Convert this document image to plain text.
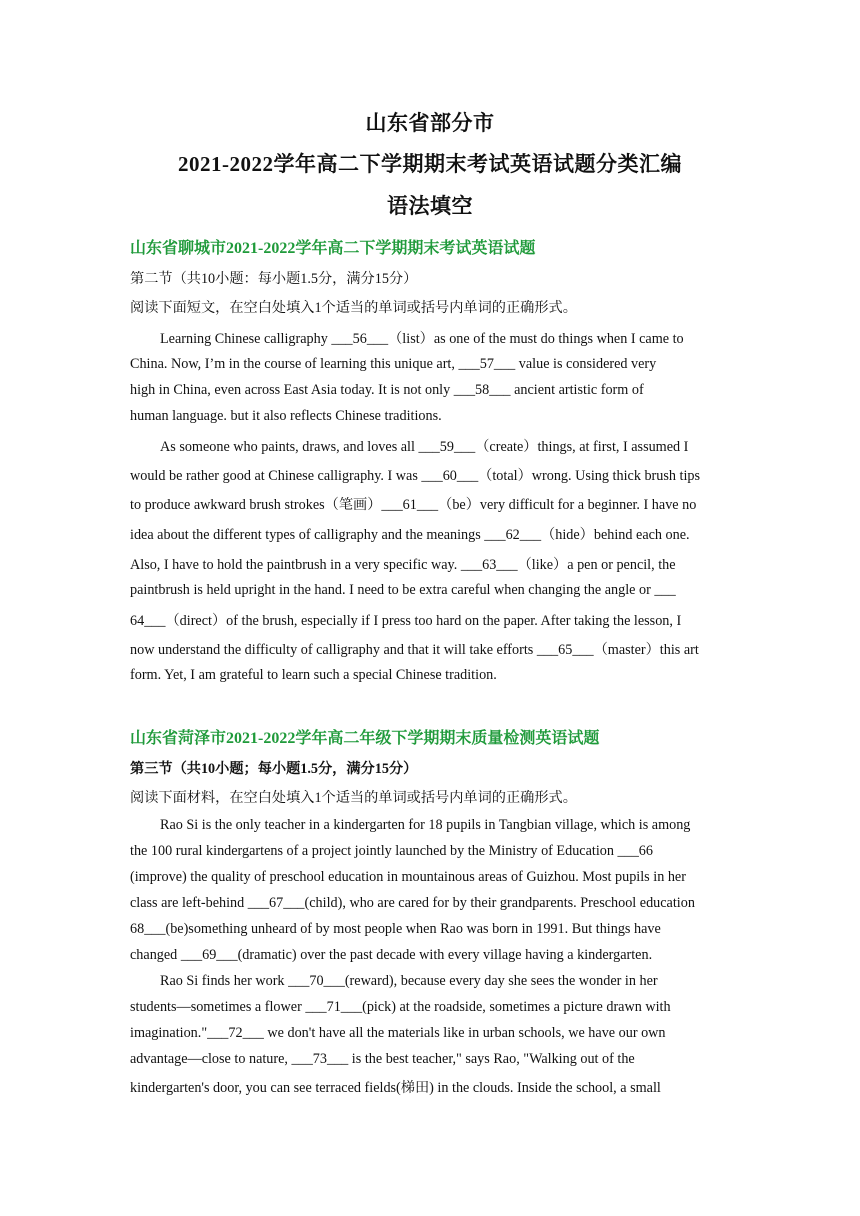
山东省部分市
2021-2022学年高二下学期期末考试英语试题分类汇编
语法填空
山东省聊城市2021-2022学年高二下学期期末考试英语试题
第二节（共10小题：每小题1.5分，满分15分）
阅读下面短文，在空白处填入1个适当的单词或括号内单词的正确形式。
Learning Chinese calligraphy ___56___（list）as one of the must do things when I came to
China. Now, I’m in the course of learning this unique art, ___57___ value is considered very
high in China, even across East Asia today. It is not only ___58___ ancient artistic form of
human language. but it also reflects Chinese traditions.
As someone who paints, draws, and loves all ___59___（create）things, at first, I assumed I
would be rather good at Chinese calligraphy. I was ___60___（total）wrong. Using thick brush tips
to produce awkward brush strokes（笔画）___61___（be）very difficult for a beginner. I have no
idea about the different types of calligraphy and the meanings ___62___（hide）behind each one.
Also, I have to hold the paintbrush in a very specific way. ___63___（like）a pen or pencil, the
paintbrush is held upright in the hand. I need to be extra careful when changing the angle or ___
64___（direct）of the brush, especially if I press too hard on the paper. After taking the lesson, I
now understand the difficulty of calligraphy and that it will take efforts ___65___（master）this art
form. Yet, I am grateful to learn such a special Chinese tradition.
山东省菏泽市2021-2022学年高二年级下学期期末质量检测英语试题
第三节（共10小题；每小题1.5分，满分15分）
阅读下面材料，在空白处填入1个适当的单词或括号内单词的正确形式。
Rao Si is the only teacher in a kindergarten for 18 pupils in Tangbian village, which is among
the 100 rural kindergartens of a project jointly launched by the Ministry of Education ___66
(improve) the quality of preschool education in mountainous areas of Guizhou. Most pupils in her
class are left-behind ___67___(child), who are cared for by their grandparents. Preschool education
68___(be)something unheard of by most people when Rao was born in 1991. But things have
changed ___69___(dramatic) over the past decade with every village having a kindergarten.
Rao Si finds her work ___70___(reward), because every day she sees the wonder in her
students—sometimes a flower ___71___(pick) at the roadside, sometimes a picture drawn with
imagination."___72___ we don't have all the materials like in urban schools, we have our own
advantage—close to nature, ___73___ is the best teacher," says Rao, "Walking out of the
kindergarten's door, you can see terraced fields(梯田) in the clouds. Inside the school, a small
